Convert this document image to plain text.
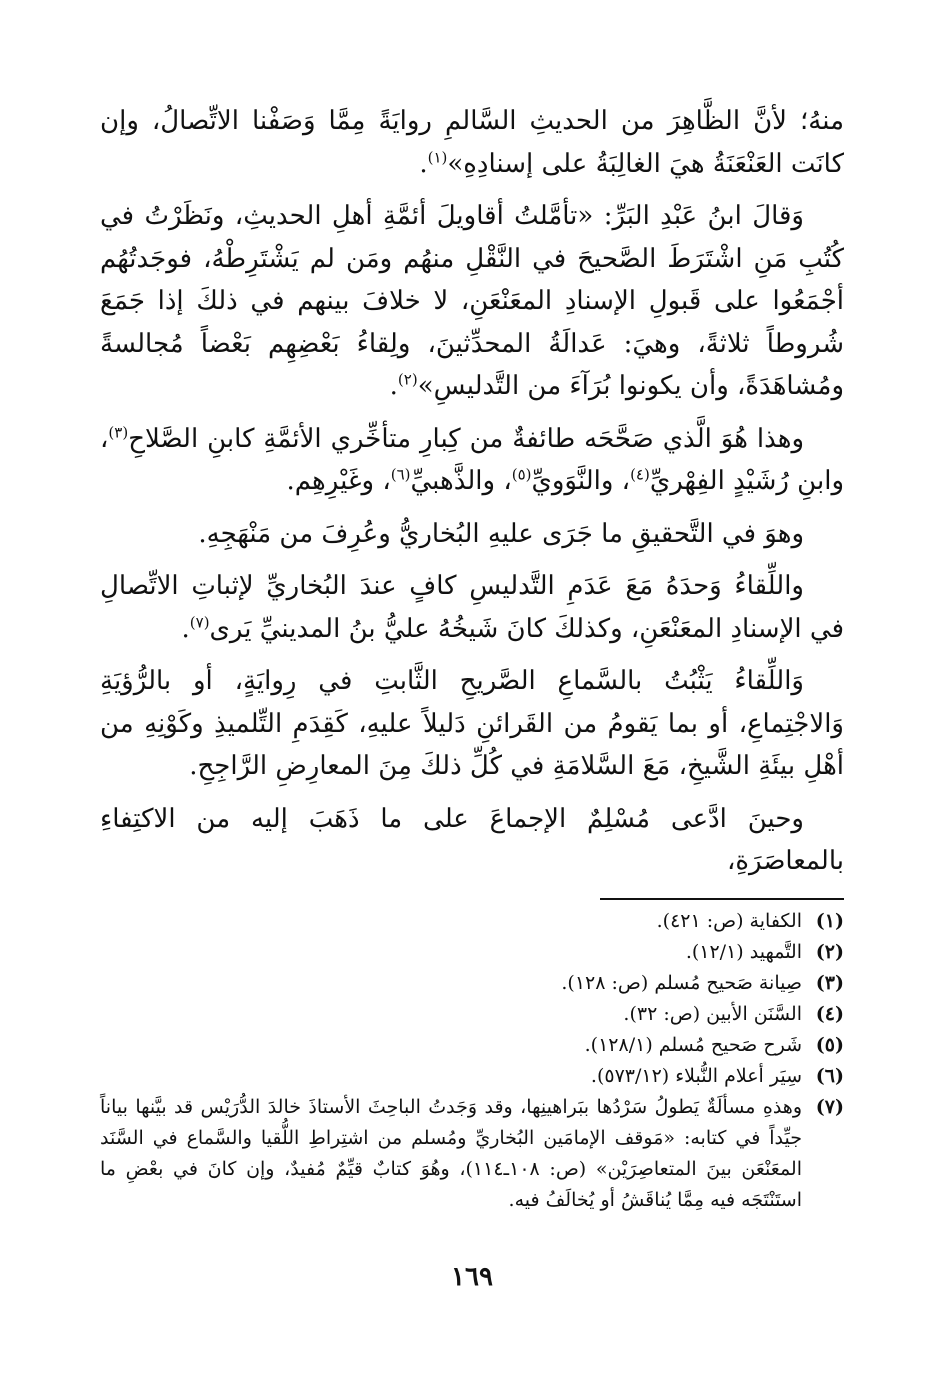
منهُ؛ لأنَّ الظَّاهِرَ من الحديثِ السَّالمِ روايَةً مِمَّا وَصَفْنا الاتِّصالُ، وإن كانَت العَنْعَنَةُ هيَ الغالِبَةُ على إسنادِهِ»$^{(١)}$.

وَقالَ ابنُ عَبْدِ البَرِّ: «تأمَّلتُ أقاويلَ أئمَّةِ أهلِ الحديثِ، ونَظَرْتُ في كُتُبِ مَنِ اشْتَرَطَ الصَّحيحَ في النَّقْلِ منهُم ومَن لم يَشْتَرِطْهُ، فوجَدتُهُم أجْمَعُوا على قَبولِ الإسنادِ المعَنْعَنِ، لا خلافَ بينهم في ذلكَ إذا جَمَعَ شُروطاً ثلاثةً، وهيَ: عَدالَةُ المحدِّثينَ، ولِقاءُ بَعْضِهِم بَعْضاً مُجالسةً ومُشاهَدَةً، وأن يكونوا بُرَآءَ من التَّدليسِ»$^{(٢)}$.

وهذا هُوَ الَّذي صَحَّحَه طائفةٌ من كِبارِ متأخِّري الأئمَّةِ كابنِ الصَّلاحِ$^{(٣)}$، وابنِ رُشَيْدٍ الفِهْريِّ$^{(٤)}$، والنَّوَويِّ$^{(٥)}$، والذَّهبيِّ$^{(٦)}$، وغَيْرِهِم.

وهوَ في التَّحقيقِ ما جَرَى عليهِ البُخاريُّ وعُرِفَ من مَنْهَجِهِ.

واللِّقاءُ وَحدَهُ مَعَ عَدَمِ التَّدليسِ كافٍ عندَ البُخاريِّ لإثباتِ الاتِّصالِ في الإسنادِ المعَنْعَنِ، وكذلكَ كانَ شَيخُهُ عليُّ بنُ المدينيِّ يَرى$^{(٧)}$.

وَاللِّقاءُ يَثْبُتُ بالسَّماعِ الصَّريحِ الثَّابتِ في رِوايَةٍ، أو بالرُّؤيَةِ وَالاجْتِماعِ، أو بما يَقومُ من القَرائنِ دَليلاً عليهِ، كَقِدَمِ التِّلميذِ وكَوْنِهِ من أهْلِ بيئَةِ الشَّيخِ، مَعَ السَّلامَةِ في كُلِّ ذلكَ مِنَ المعارِضِ الرَّاجِحِ.

وحينَ ادَّعى مُسْلِمٌ الإجماعَ على ما ذَهَبَ إليه من الاكتِفاءِ بالمعاصَرَةِ،

(١)
الكفاية (ص: ٤٢١).
(٢)
التَّمهيد (١٢/١).
(٣)
صِيانة صَحيح مُسلم (ص: ١٢٨).
(٤)
السَّنَن الأبين (ص: ٣٢).
(٥)
شَرح صَحيح مُسلم (١٢٨/١).
(٦)
سِيَر أعلام النُّبلاء (٥٧٣/١٢).
(٧)
وهذهِ مسألَةٌ يَطولُ سَرْدُها ببَراهينِها، وقد وَجَدتُ الباحِثَ الأستاذَ خالدَ الدُّرَيْس قد بيَّنها بياناً جيِّداً في كتابه: «مَوقف الإمامَين البُخاريِّ ومُسلم من اشتِراطِ اللُّقيا والسَّماع في السَّنَد المعَنْعَن بينَ المتعاصِرَيْن» (ص: ١٠٨ـ١١٤)، وهُوَ كتابٌ قيِّمٌ مُفيدٌ، وإن كانَ في بعْضِ ما استَنْتَجَه فيه مِمَّا يُناقَشُ أو يُخالَفُ فيه.
١٦٩
